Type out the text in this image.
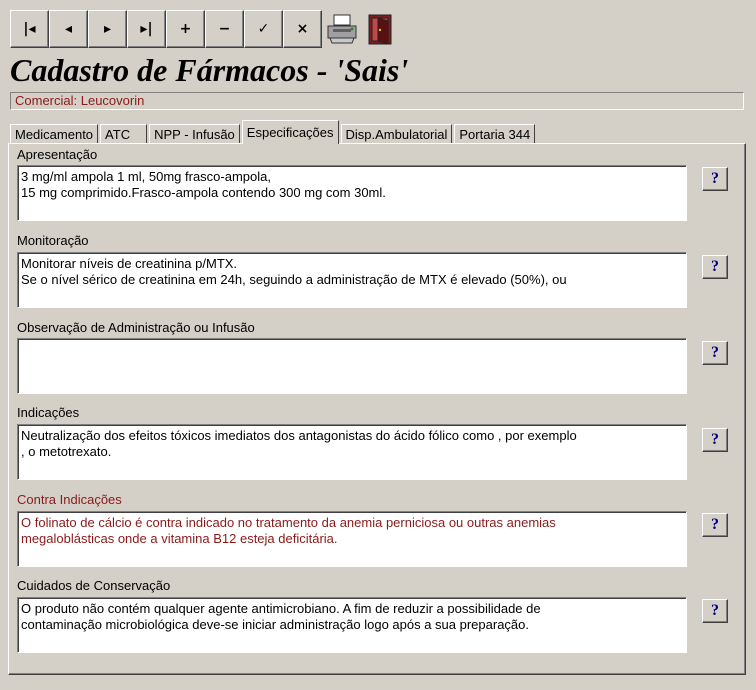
|◂	◂	▸	▸|	+	−	✓	×
Cadastro de Fármacos - 'Sais'
Comercial: Leucovorin
Medicamento ATC	NPP - Infusão Especificações Disp.Ambulatorial Portaria 344
Apresentação
3 mg/ml ampola 1 ml, 50mg frasco-ampola,
15 mg comprimido.Frasco-ampola contendo 300 mg com 30ml.
?
Monitoração
Monitorar níveis de creatinina p/MTX.
Se o nível sérico de creatinina em 24h, seguindo a administração de MTX é elevado (50%), ou
?
Observação de Administração ou Infusão
?
Indicações
Neutralização dos efeitos tóxicos imediatos dos antagonistas do ácido fólico como , por exemplo
, o metotrexato.
?
Contra Indicações
O folinato de cálcio é contra indicado no tratamento da anemia perniciosa ou outras anemias
megaloblásticas onde a vitamina B12 esteja deficitária.
?
Cuidados de Conservação
O produto não contém qualquer agente antimicrobiano. A fim de reduzir a possibilidade de
contaminação microbiológica deve-se iniciar administração logo após a sua preparação.
?
